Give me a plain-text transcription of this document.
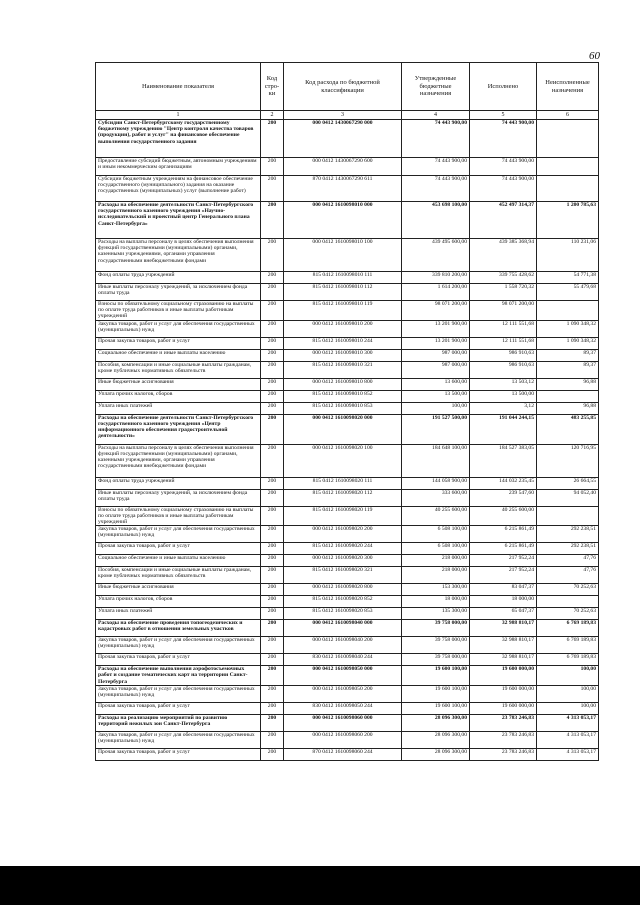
60
Наименование показателя	Код стро-ки	Код расхода по бюджетной классификации	Утвержденные бюджетные назначения	Исполнено	Неисполненные назначения
1	2	3	4	5	6
Субсидии Санкт-Петербургскому государственному бюджетному учреждению "Центр контроля качества товаров (продукции), работ и услуг" на финансовое обеспечение выполнения государственного задания	200	000 0412 1430067290 000	74 443 900,00	74 443 900,00	
Предоставление субсидий бюджетным, автономным учреждениям и иным некоммерческим организациям	200	000 0412 1430067290 600	74 443 900,00	74 443 900,00	
Субсидии бюджетным учреждениям на финансовое обеспечение государственного (муниципального) задания на оказание государственных (муниципальных) услуг (выполнение работ)	200	870 0412 1430067290 611	74 443 900,00	74 443 900,00	
Расходы на обеспечение деятельности Санкт-Петербургского государственного казенного учреждения «Научно-исследовательский и проектный центр Генерального плана Санкт-Петербурга»	200	000 0412 1610098010 000	453 698 100,00	452 497 314,37	1 200 785,63
Расходы на выплаты персоналу в целях обеспечения выполнения функций государственными (муниципальными) органами, казенными учреждениями, органами управления государственными внебюджетными фондами	200	000 0412 1610098010 100	439 495 600,00	439 385 368,94	110 231,06
Фонд оплаты труда учреждений	200	815 0412 1610098010 111	339 810 200,00	339 755 428,62	54 771,38
Иные выплаты персоналу учреждений, за исключением фонда оплаты труда	200	815 0412 1610098010 112	1 614 200,00	1 558 720,32	55 479,68
Взносы по обязательному социальному страхованию на выплаты по оплате труда работников и иные выплаты работникам учреждений	200	815 0412 1610098010 119	98 071 200,00	98 071 200,00	
Закупка товаров, работ и услуг для обеспечения государственных (муниципальных) нужд	200	000 0412 1610098010 200	13 201 900,00	12 111 551,68	1 090 348,32
Прочая закупка товаров, работ и услуг	200	815 0412 1610098010 244	13 201 900,00	12 111 551,68	1 090 348,32
Социальное обеспечение и иные выплаты населению	200	000 0412 1610098010 300	987 000,00	986 910,63	89,37
Пособия, компенсации и иные социальные выплаты гражданам, кроме публичных нормативных обязательств	200	815 0412 1610098010 321	987 000,00	986 910,63	89,37
Иные бюджетные ассигнования	200	000 0412 1610098010 800	13 600,00	13 503,12	96,88
Уплата прочих налогов, сборов	200	815 0412 1610098010 852	13 500,00	13 500,00	
Уплата иных платежей	200	815 0412 1610098010 853	100,00	3,12	96,88
Расходы на обеспечение деятельности Санкт-Петербургского государственного казенного учреждения «Центр информационного обеспечения градостроительной деятельности»	200	000 0412 1610098020 000	191 527 500,00	191 044 244,15	483 255,85
Расходы на выплаты персоналу в целях обеспечения выполнения функций государственными (муниципальными) органами, казенными учреждениями, органами управления государственными внебюджетными фондами	200	000 0412 1610098020 100	184 648 100,00	184 527 383,05	120 716,95
Фонд оплаты труда учреждений	200	815 0412 1610098020 111	144 058 900,00	144 032 235,45	26 664,55
Иные выплаты персоналу учреждений, за исключением фонда оплаты труда	200	815 0412 1610098020 112	333 600,00	239 547,60	94 052,40
Взносы по обязательному социальному страхованию на выплаты по оплате труда работников и иные выплаты работникам учреждений	200	815 0412 1610098020 119	40 255 600,00	40 255 600,00	
Закупка товаров, работ и услуг для обеспечения государственных (муниципальных) нужд	200	000 0412 1610098020 200	6 508 100,00	6 215 861,49	292 238,51
Прочая закупка товаров, работ и услуг	200	815 0412 1610098020 244	6 508 100,00	6 215 861,49	292 238,51
Социальное обеспечение и иные выплаты населению	200	000 0412 1610098020 300	218 000,00	217 952,24	47,76
Пособия, компенсации и иные социальные выплаты гражданам, кроме публичных нормативных обязательств	200	815 0412 1610098020 321	218 000,00	217 952,24	47,76
Иные бюджетные ассигнования	200	000 0412 1610098020 800	153 300,00	83 047,37	70 252,63
Уплата прочих налогов, сборов	200	815 0412 1610098020 852	18 000,00	18 000,00	
Уплата иных платежей	200	815 0412 1610098020 853	135 300,00	65 047,37	70 252,63
Расходы на обеспечение проведения топогеодезических и кадастровых работ в отношении земельных участков	200	000 0412 1610098040 000	39 758 000,00	32 988 810,17	6 769 189,83
Закупка товаров, работ и услуг для обеспечения государственных (муниципальных) нужд	200	000 0412 1610098040 200	39 758 000,00	32 988 810,17	6 769 189,83
Прочая закупка товаров, работ и услуг	200	830 0412 1610098040 244	39 758 000,00	32 988 810,17	6 769 189,83
Расходы на обеспечение выполнения аэрофотосъемочных работ и создание тематических карт на территории Санкт-Петербурга	200	000 0412 1610098050 000	19 600 100,00	19 600 000,00	100,00
Закупка товаров, работ и услуг для обеспечения государственных (муниципальных) нужд	200	000 0412 1610098050 200	19 600 100,00	19 600 000,00	100,00
Прочая закупка товаров, работ и услуг	200	830 0412 1610098050 244	19 600 100,00	19 600 000,00	100,00
Расходы на реализацию мероприятий по развитию территорий нежилых зон Санкт-Петербурга	200	000 0412 1610098060 000	28 096 300,00	23 783 246,83	4 313 053,17
Закупка товаров, работ и услуг для обеспечения государственных (муниципальных) нужд	200	000 0412 1610098060 200	28 096 300,00	23 783 246,83	4 313 053,17
Прочая закупка товаров, работ и услуг	200	870 0412 1610098060 244	28 096 300,00	23 783 246,83	4 313 053,17
